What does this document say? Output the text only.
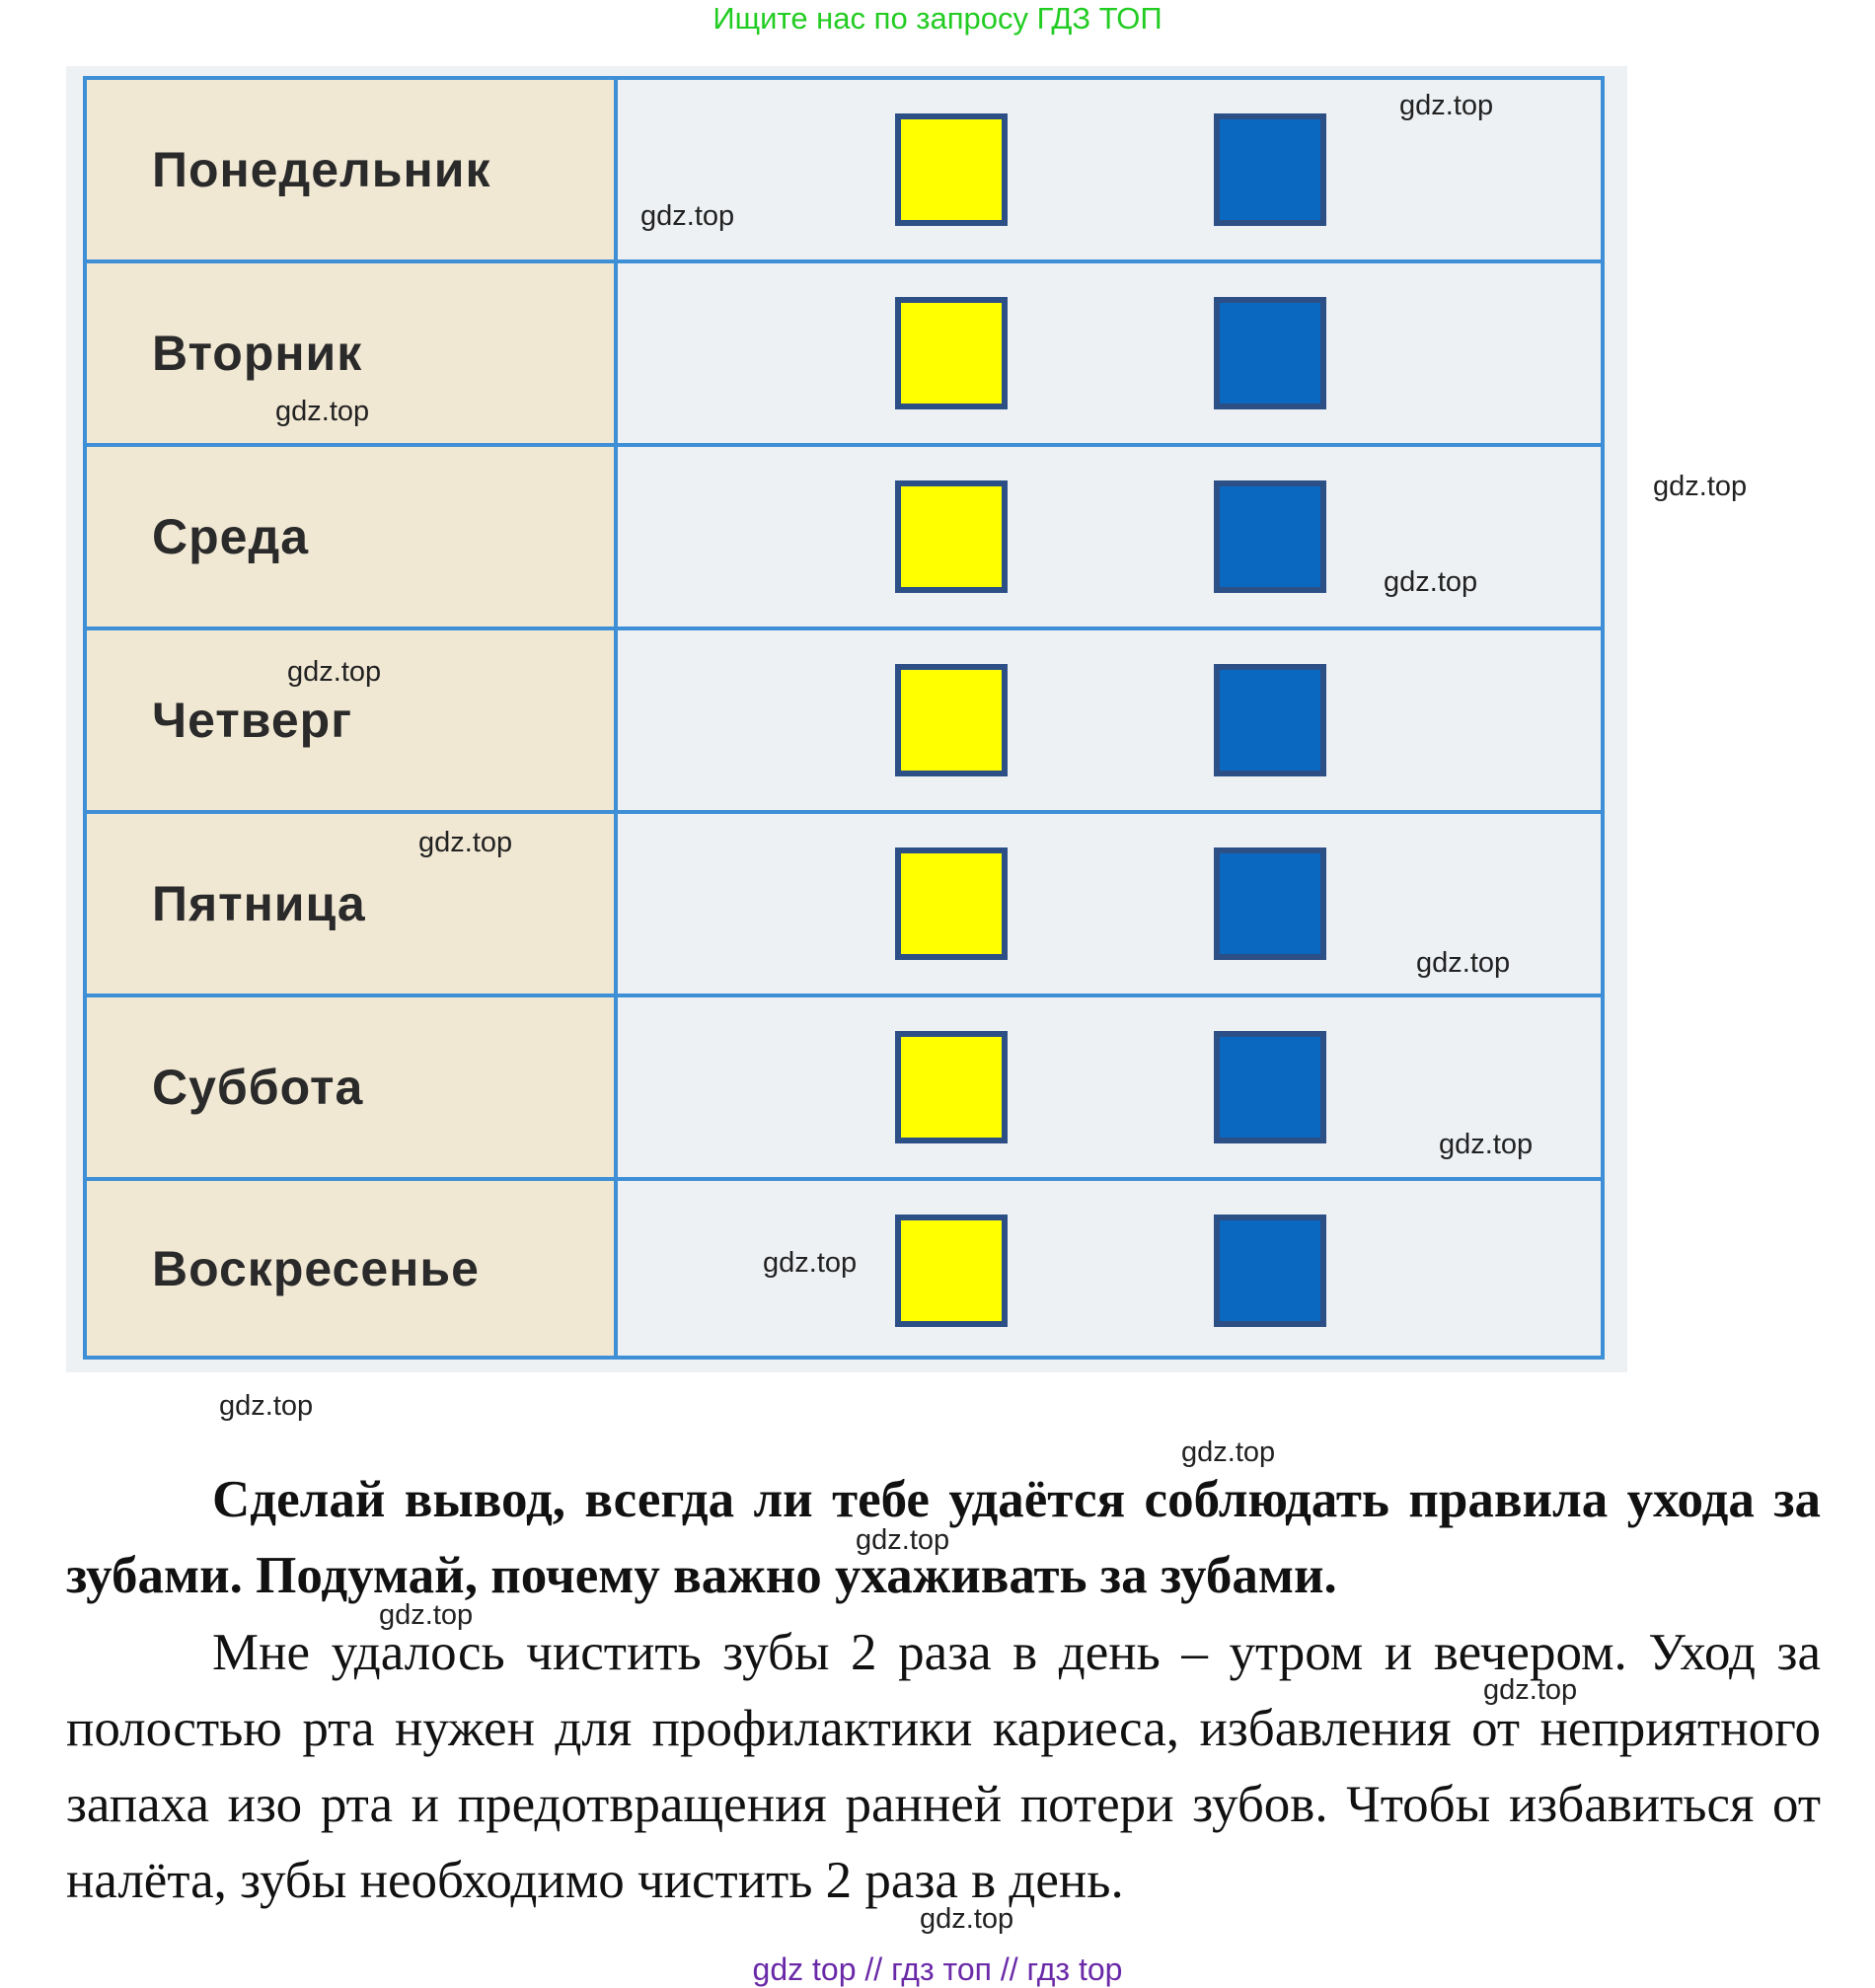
Ищите нас по запросу ГДЗ ТОП
Понедельник
Вторник
Среда
Четверг
Пятница
Суббота
Воскресенье

Сделай вывод, всегда ли тебе удаётся соблюдать правила ухода за зубами. Подумай, почему важно ухаживать за зубами.

Мне удалось чистить зубы 2 раза в день – утром и вечером. Уход за полостью рта нужен для профилактики кариеса, избавления от неприятного запаха изо рта и предотвращения ранней потери зубов. Чтобы избавиться от налёта, зубы необходимо чистить 2 раза в день.

gdz.top
gdz.top
gdz.top
gdz.top
gdz.top
gdz.top
gdz.top
gdz.top
gdz.top
gdz.top
gdz.top
gdz.top
gdz.top
gdz.top
gdz.top
gdz.top
gdz top // гдз топ // гдз top
